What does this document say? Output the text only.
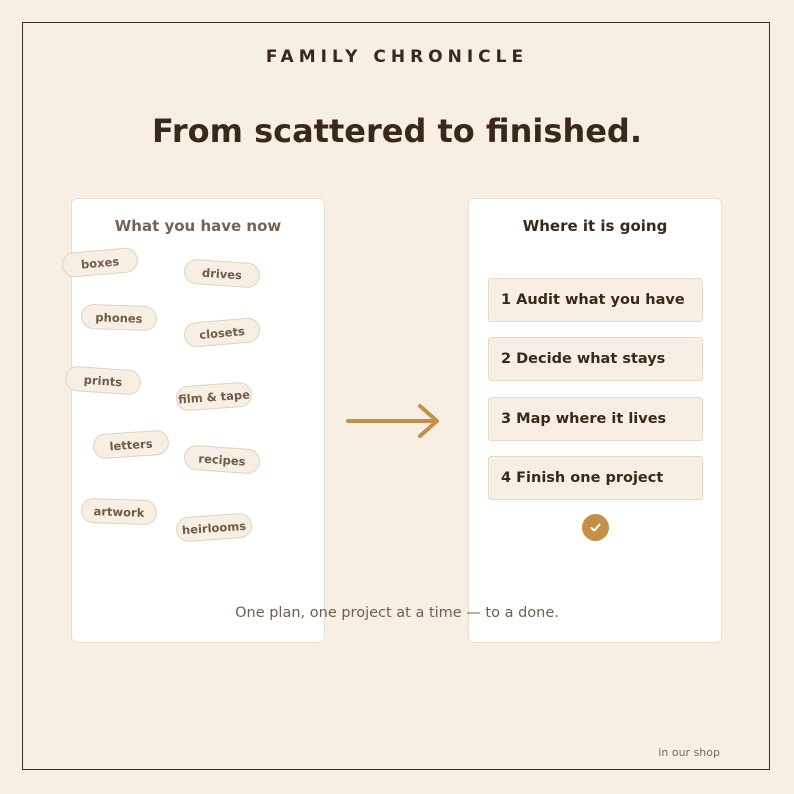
FAMILY CHRONICLE
From scattered to finished.
What you have now
boxes
drives
phones
closets
prints
film & tape
letters
recipes
artwork
heirlooms
Where it is going
1 Audit what you have
2 Decide what stays
3 Map where it lives
4 Finish one project
One plan, one project at a time — to a done.
in our shop
